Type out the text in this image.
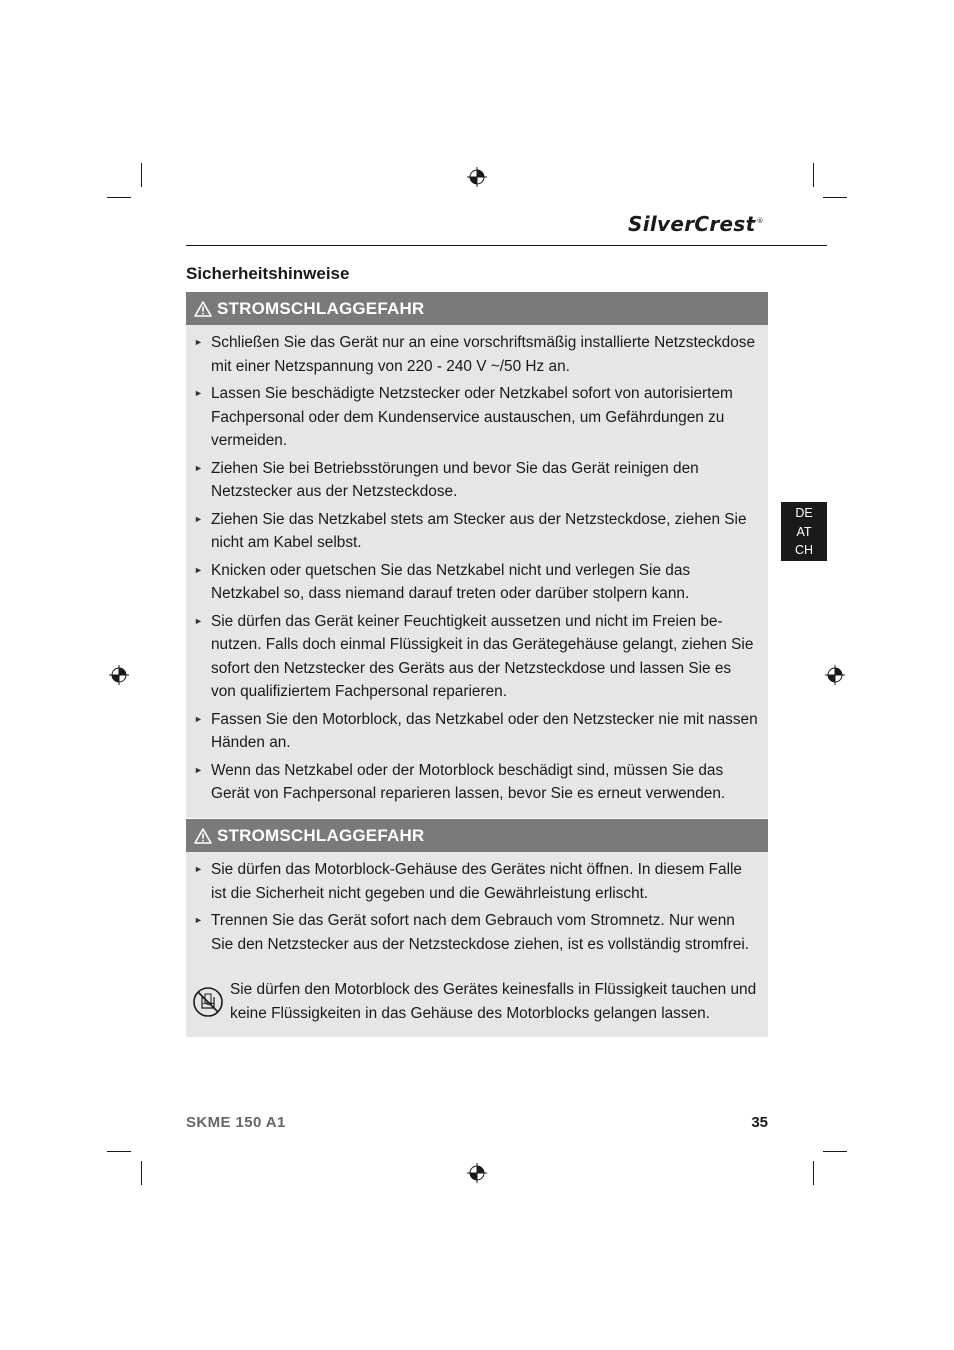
SilverCrest®
Sicherheitshinweise
STROMSCHLAGGEFAHR
► Schließen Sie das Gerät nur an eine vorschriftsmäßig installierte Netzsteckdose mit einer Netzspannung von 220 - 240 V ~/50 Hz an.
► Lassen Sie beschädigte Netzstecker oder Netzkabel sofort von autorisiertem Fachpersonal oder dem Kundenservice austauschen, um Gefährdungen zu vermeiden.
► Ziehen Sie bei Betriebsstörungen und bevor Sie das Gerät reinigen den Netzstecker aus der Netzsteckdose.
► Ziehen Sie das Netzkabel stets am Stecker aus der Netzsteckdose, ziehen Sie nicht am Kabel selbst.
► Knicken oder quetschen Sie das Netzkabel nicht und verlegen Sie das Netzkabel so, dass niemand darauf treten oder darüber stolpern kann.
► Sie dürfen das Gerät keiner Feuchtigkeit aussetzen und nicht im Freien benutzen. Falls doch einmal Flüssigkeit in das Gerätegehäuse gelangt, ziehen Sie sofort den Netzstecker des Geräts aus der Netzsteckdose und lassen Sie es von qualifiziertem Fachpersonal reparieren.
► Fassen Sie den Motorblock, das Netzkabel oder den Netzstecker nie mit nassen Händen an.
► Wenn das Netzkabel oder der Motorblock beschädigt sind, müssen Sie das Gerät von Fachpersonal reparieren lassen, bevor Sie es erneut verwenden.
STROMSCHLAGGEFAHR
► Sie dürfen das Motorblock-Gehäuse des Gerätes nicht öffnen. In diesem Falle ist die Sicherheit nicht gegeben und die Gewährleistung erlischt.
► Trennen Sie das Gerät sofort nach dem Gebrauch vom Stromnetz. Nur wenn Sie den Netzstecker aus der Netzsteckdose ziehen, ist es vollständig stromfrei.
Sie dürfen den Motorblock des Gerätes keinesfalls in Flüssigkeit tauchen und keine Flüssigkeiten in das Gehäuse des Motorblocks gelangen lassen.
DE
AT
CH
SKME 150 A1	35
